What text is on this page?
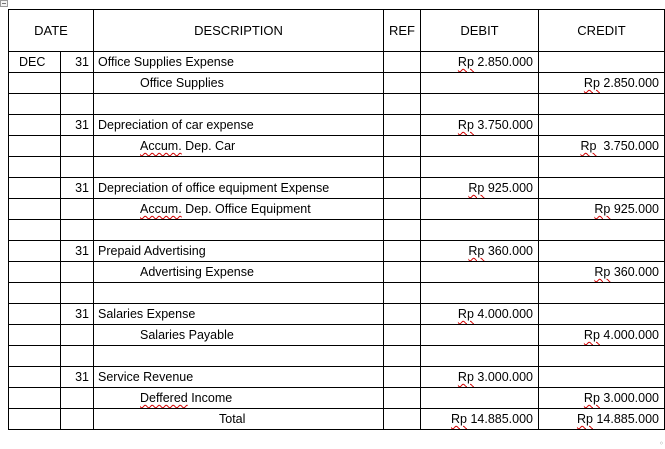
DATE		DESCRIPTION	REF	DEBIT	CREDIT
DEC	31	Office Supplies Expense		Rp 2.850.000	
		Office Supplies			Rp 2.850.000

	31	Depreciation of car expense		Rp 3.750.000	
		Accum. Dep. Car			Rp  3.750.000

	31	Depreciation of office equipment Expense		Rp 925.000	
		Accum. Dep. Office Equipment			Rp 925.000

	31	Prepaid Advertising		Rp 360.000	
		Advertising Expense			Rp 360.000

	31	Salaries Expense		Rp 4.000.000	
		Salaries Payable			Rp 4.000.000

	31	Service Revenue		Rp 3.000.000	
		Deffered Income			Rp 3.000.000
		Total		Rp 14.885.000	Rp 14.885.000
◦
